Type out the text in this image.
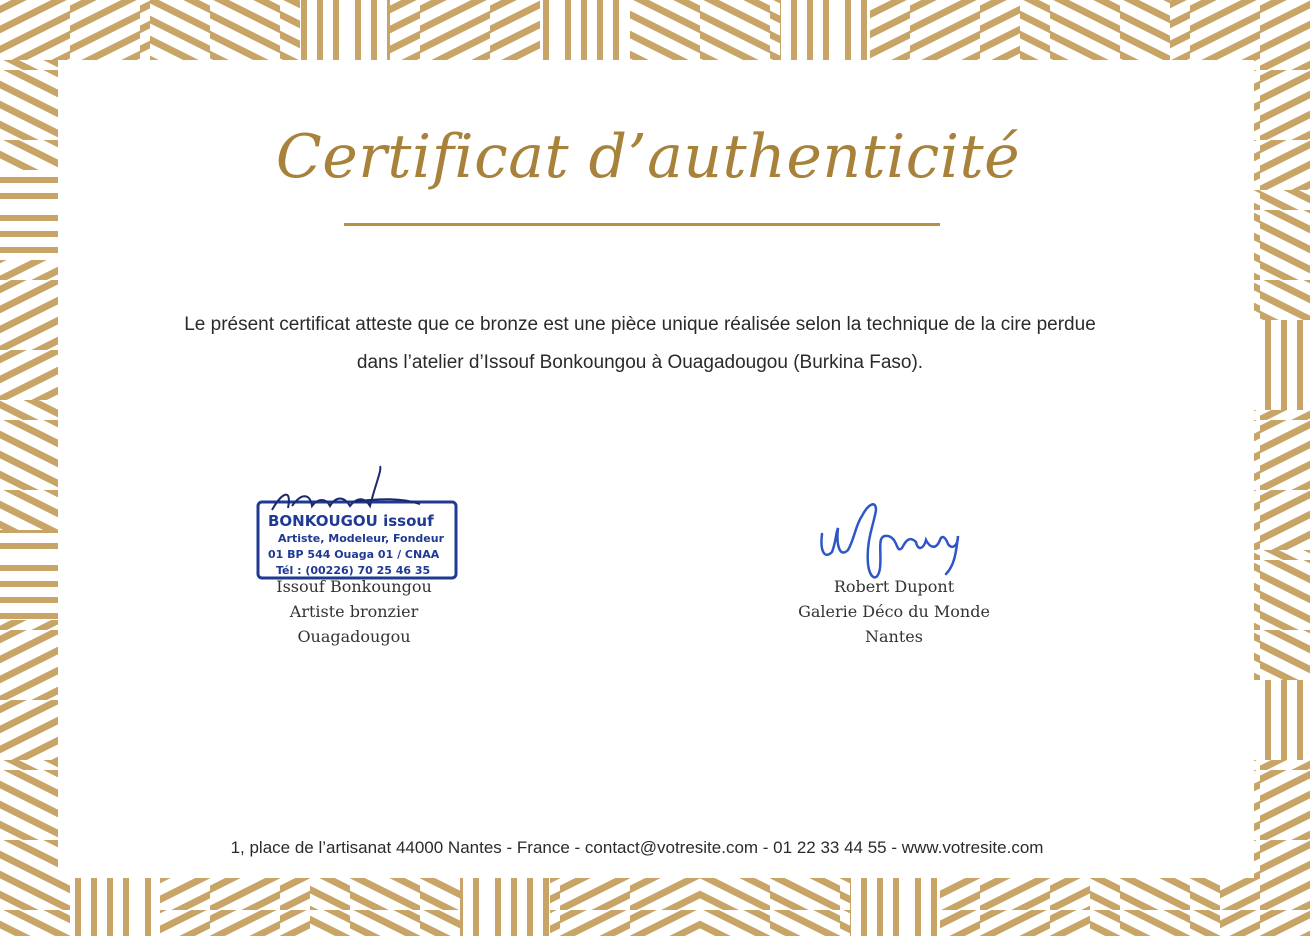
Certificat d’authenticité

Le présent certificat atteste que ce bronze est une pièce unique réalisée selon la technique de la cire perdue

dans l’atelier d’Issouf Bonkoungou à Ouagadougou (Burkina Faso).

BONKOUGOU issouf
Artiste, Modeleur, Fondeur
01 BP 544 Ouaga 01 / CNAA
Tél : (00226) 70 25 46 35
Issouf Bonkoungou
Artiste bronzier
Ouagadougou
Robert Dupont
Galerie Déco du Monde
Nantes
1, place de l’artisanat 44000 Nantes - France - contact@votresite.com - 01 22 33 44 55 - www.votresite.com
